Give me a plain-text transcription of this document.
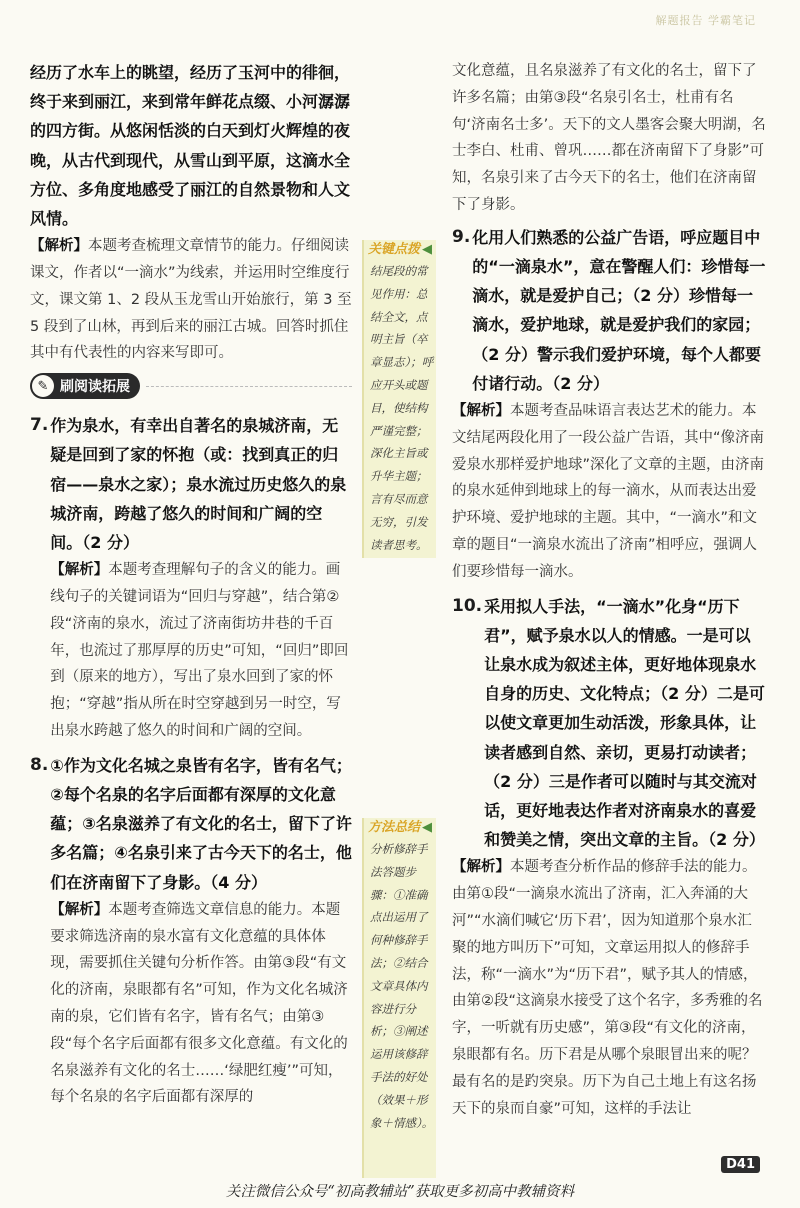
解题报告 学霸笔记

经历了水车上的眺望，经历了玉河中的徘徊，终于来到丽江，来到常年鲜花点缀、小河潺潺的四方街。从悠闲恬淡的白天到灯火辉煌的夜晚，从古代到现代，从雪山到平原，这滴水全方位、多角度地感受了丽江的自然景物和人文风情。

【解析】本题考查梳理文章情节的能力。仔细阅读课文，作者以“一滴水”为线索，并运用时空维度行文，课文第 1、2 段从玉龙雪山开始旅行，第 3 至 5 段到了山林，再到后来的丽江古城。回答时抓住其中有代表性的内容来写即可。

✎ 刷阅读拓展
7. 作为泉水，有幸出自著名的泉城济南，无疑是回到了家的怀抱（或：找到真正的归宿——泉水之家）；泉水流过历史悠久的泉城济南，跨越了悠久的时间和广阔的空间。（2 分）

【解析】本题考查理解句子的含义的能力。画线句子的关键词语为“回归与穿越”，结合第②段“济南的泉水，流过了济南街坊井巷的千百年，也流过了那厚厚的历史”可知，“回归”即回到（原来的地方），写出了泉水回到了家的怀抱；“穿越”指从所在时空穿越到另一时空，写出泉水跨越了悠久的时间和广阔的空间。

8. ①作为文化名城之泉皆有名字，皆有名气；②每个名泉的名字后面都有深厚的文化意蕴；③名泉滋养了有文化的名士，留下了许多名篇；④名泉引来了古今天下的名士，他们在济南留下了身影。（4 分）

【解析】本题考查筛选文章信息的能力。本题要求筛选济南的泉水富有文化意蕴的具体体现，需要抓住关键句分析作答。由第③段“有文化的济南，泉眼都有名”可知，作为文化名城济南的泉，它们皆有名字，皆有名气；由第③段“每个名字后面都有很多文化意蕴。有文化的名泉滋养有文化的名士……‘绿肥红瘦’”可知，每个名泉的名字后面都有深厚的

关键点拨 ◀
结尾段的常见作用：总结全文，点明主旨（卒章显志）；呼应开头或题目，使结构严谨完整；深化主旨或升华主题；言有尽而意无穷，引发读者思考。
方法总结 ◀
分析修辞手法答题步骤：①准确点出运用了何种修辞手法；②结合文章具体内容进行分析；③阐述运用该修辞手法的好处（效果＋形象＋情感）。

文化意蕴，且名泉滋养了有文化的名士，留下了许多名篇；由第③段“名泉引名士，杜甫有名句‘济南名士多’。天下的文人墨客会聚大明湖，名士李白、杜甫、曾巩……都在济南留下了身影”可知，名泉引来了古今天下的名士，他们在济南留下了身影。

9. 化用人们熟悉的公益广告语，呼应题目中的“一滴泉水”，意在警醒人们：珍惜每一滴水，就是爱护自己；（2 分）珍惜每一滴水，爱护地球，就是爱护我们的家园；（2 分）警示我们爱护环境，每个人都要付诸行动。（2 分）

【解析】本题考查品味语言表达艺术的能力。本文结尾两段化用了一段公益广告语，其中“像济南爱泉水那样爱护地球”深化了文章的主题，由济南的泉水延伸到地球上的每一滴水，从而表达出爱护环境、爱护地球的主题。其中，“一滴水”和文章的题目“一滴泉水流出了济南”相呼应，强调人们要珍惜每一滴水。

10. 采用拟人手法，“一滴水”化身“历下君”，赋予泉水以人的情感。一是可以让泉水成为叙述主体，更好地体现泉水自身的历史、文化特点；（2 分）二是可以使文章更加生动活泼，形象具体，让读者感到自然、亲切，更易打动读者；（2 分）三是作者可以随时与其交流对话，更好地表达作者对济南泉水的喜爱和赞美之情，突出文章的主旨。（2 分）

【解析】本题考查分析作品的修辞手法的能力。由第①段“一滴泉水流出了济南，汇入奔涌的大河”“水滴们喊它‘历下君’，因为知道那个泉水汇聚的地方叫历下”可知，文章运用拟人的修辞手法，称“一滴水”为“历下君”，赋予其人的情感，由第②段“这滴泉水接受了这个名字，多秀雅的名字，一听就有历史感”，第③段“有文化的济南，泉眼都有名。历下君是从哪个泉眼冒出来的呢？最有名的是趵突泉。历下为自己土地上有这名扬天下的泉而自豪”可知，这样的手法让

D41
关注微信公众号“初高教辅站”获取更多初高中教辅资料
